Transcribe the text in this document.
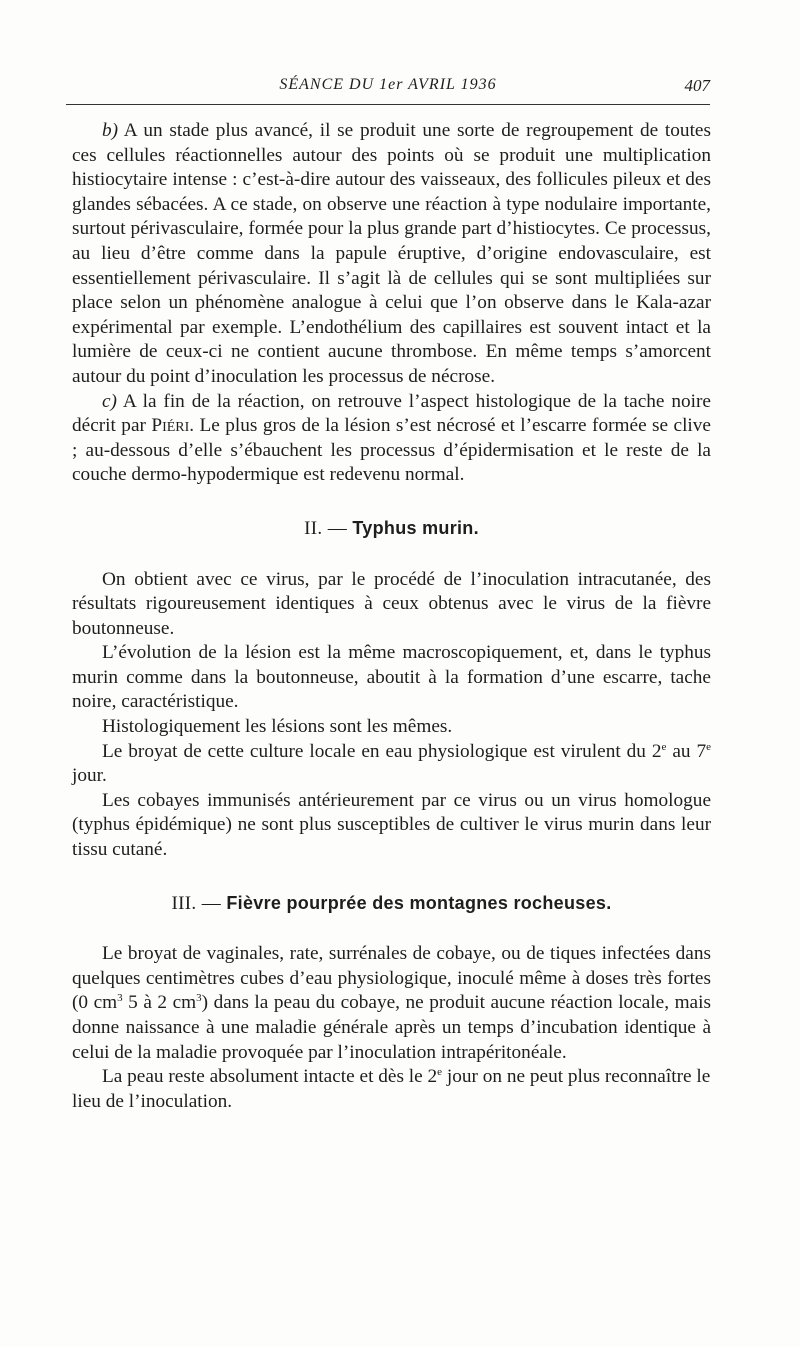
SÉANCE DU 1er AVRIL 1936	407

b) A un stade plus avancé, il se produit une sorte de regroupement de toutes ces cellules réactionnelles autour des points où se produit une multiplication histiocytaire intense : c’est-à-dire autour des vaisseaux, des follicules pileux et des glandes sébacées. A ce stade, on observe une réaction à type nodulaire importante, surtout périvasculaire, formée pour la plus grande part d’histiocytes. Ce processus, au lieu d’être comme dans la papule éruptive, d’origine endovasculaire, est essentiellement périvasculaire. Il s’agit là de cellules qui se sont multipliées sur place selon un phénomène analogue à celui que l’on observe dans le Kala-azar expérimental par exemple. L’endothélium des capillaires est souvent intact et la lumière de ceux-ci ne contient aucune thrombose. En même temps s’amorcent autour du point d’inoculation les processus de nécrose.

c) A la fin de la réaction, on retrouve l’aspect histologique de la tache noire décrit par Piéri. Le plus gros de la lésion s’est nécrosé et l’escarre formée se clive ; au-dessous d’elle s’ébauchent les processus d’épidermisation et le reste de la couche dermo-hypodermique est redevenu normal.

II. — Typhus murin.

On obtient avec ce virus, par le procédé de l’inoculation intracutanée, des résultats rigoureusement identiques à ceux obtenus avec le virus de la fièvre boutonneuse.

L’évolution de la lésion est la même macroscopiquement, et, dans le typhus murin comme dans la boutonneuse, aboutit à la formation d’une escarre, tache noire, caractéristique.

Histologiquement les lésions sont les mêmes.

Le broyat de cette culture locale en eau physiologique est virulent du 2e au 7e jour.

Les cobayes immunisés antérieurement par ce virus ou un virus homologue (typhus épidémique) ne sont plus susceptibles de cultiver le virus murin dans leur tissu cutané.

III. — Fièvre pourprée des montagnes rocheuses.

Le broyat de vaginales, rate, surrénales de cobaye, ou de tiques infectées dans quelques centimètres cubes d’eau physiologique, inoculé même à doses très fortes (0 $cm^3$ 5 à 2 $cm^3$) dans la peau du cobaye, ne produit aucune réaction locale, mais donne naissance à une maladie générale après un temps d’incubation identique à celui de la maladie provoquée par l’inoculation intrapéritonéale.

La peau reste absolument intacte et dès le 2e jour on ne peut plus reconnaître le lieu de l’inoculation.
